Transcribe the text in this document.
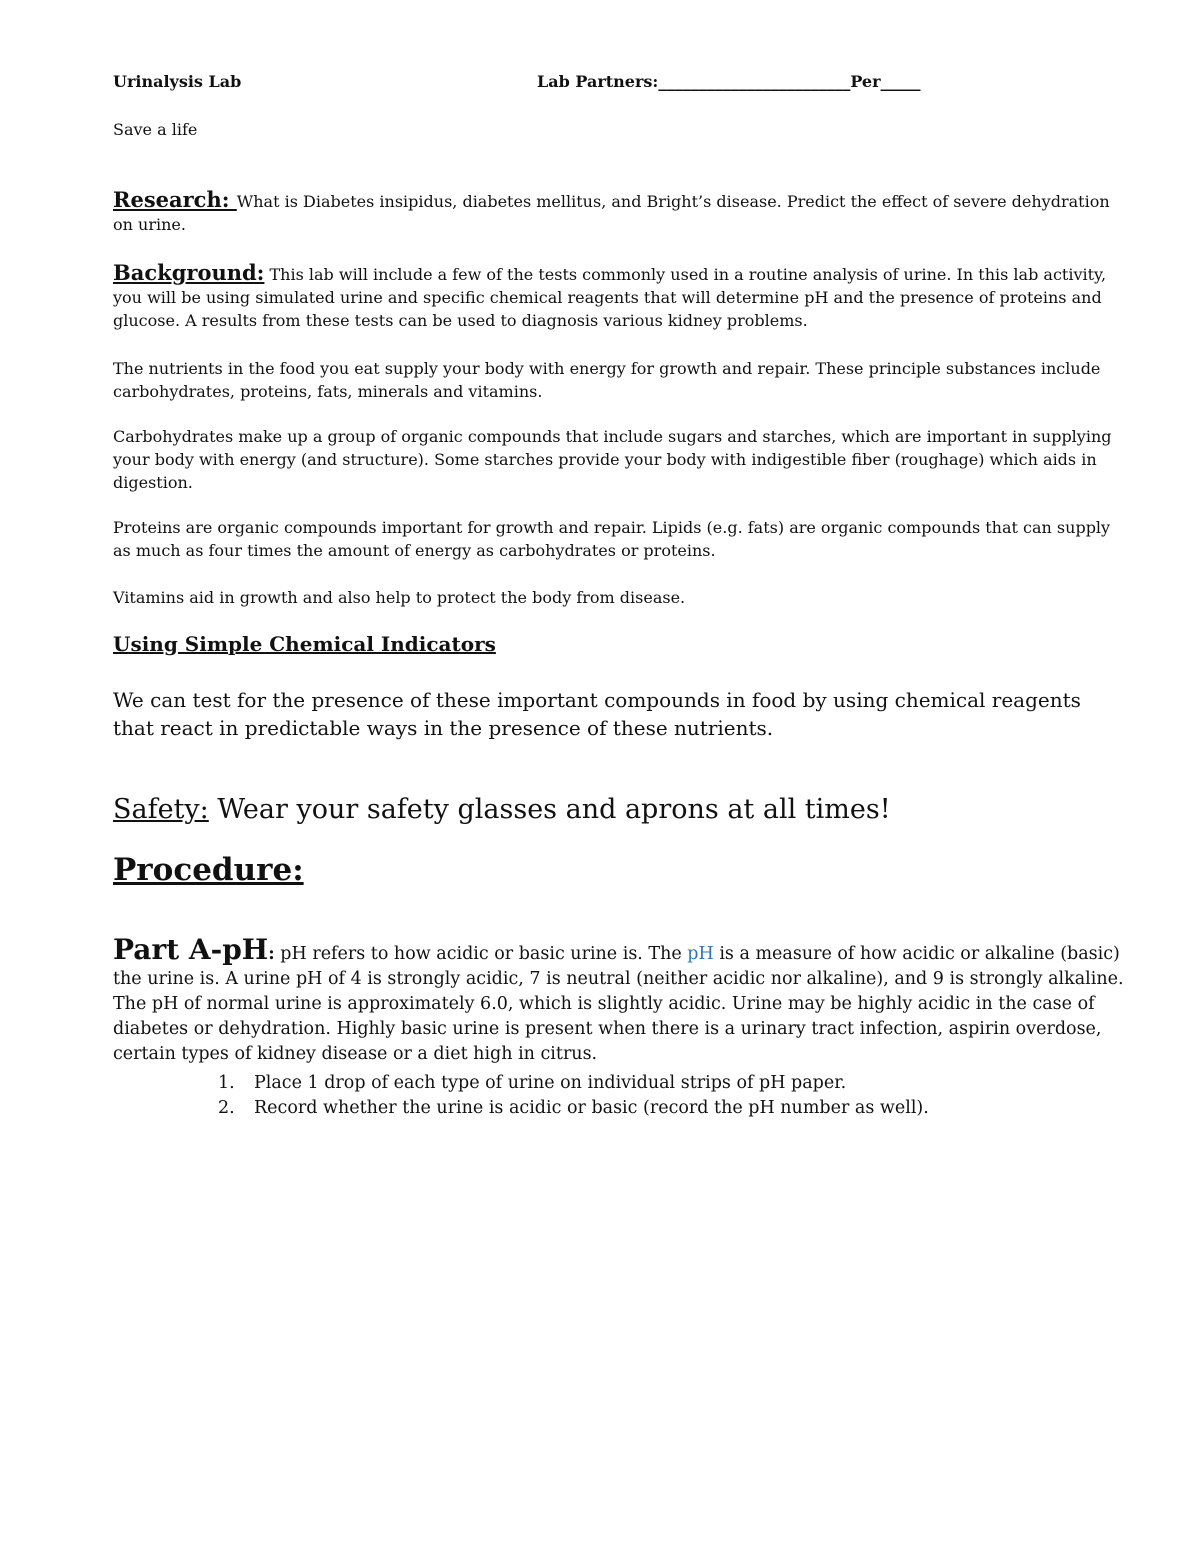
Urinalysis Lab	Lab Partners:________________________Per_____
Save a life
Research: What is Diabetes insipidus, diabetes mellitus, and Bright’s disease. Predict the effect of severe dehydration on urine.
Background: This lab will include a few of the tests commonly used in a routine analysis of urine. In this lab activity, you will be using simulated urine and specific chemical reagents that will determine pH and the presence of proteins and glucose. A results from these tests can be used to diagnosis various kidney problems.
The nutrients in the food you eat supply your body with energy for growth and repair. These principle substances include carbohydrates, proteins, fats, minerals and vitamins.
Carbohydrates make up a group of organic compounds that include sugars and starches, which are important in supplying your body with energy (and structure). Some starches provide your body with indigestible fiber (roughage) which aids in digestion.
Proteins are organic compounds important for growth and repair. Lipids (e.g. fats) are organic compounds that can supply as much as four times the amount of energy as carbohydrates or proteins.
Vitamins aid in growth and also help to protect the body from disease.
Using Simple Chemical Indicators
We can test for the presence of these important compounds in food by using chemical reagents that react in predictable ways in the presence of these nutrients.
Safety: Wear your safety glasses and aprons at all times!
Procedure:
Part A-pH: pH refers to how acidic or basic urine is. The pH is a measure of how acidic or alkaline (basic) the urine is. A urine pH of 4 is strongly acidic, 7 is neutral (neither acidic nor alkaline), and 9 is strongly alkaline. The pH of normal urine is approximately 6.0, which is slightly acidic. Urine may be highly acidic in the case of diabetes or dehydration. Highly basic urine is present when there is a urinary tract infection, aspirin overdose, certain types of kidney disease or a diet high in citrus.
1. Place 1 drop of each type of urine on individual strips of pH paper.
2. Record whether the urine is acidic or basic (record the pH number as well).
